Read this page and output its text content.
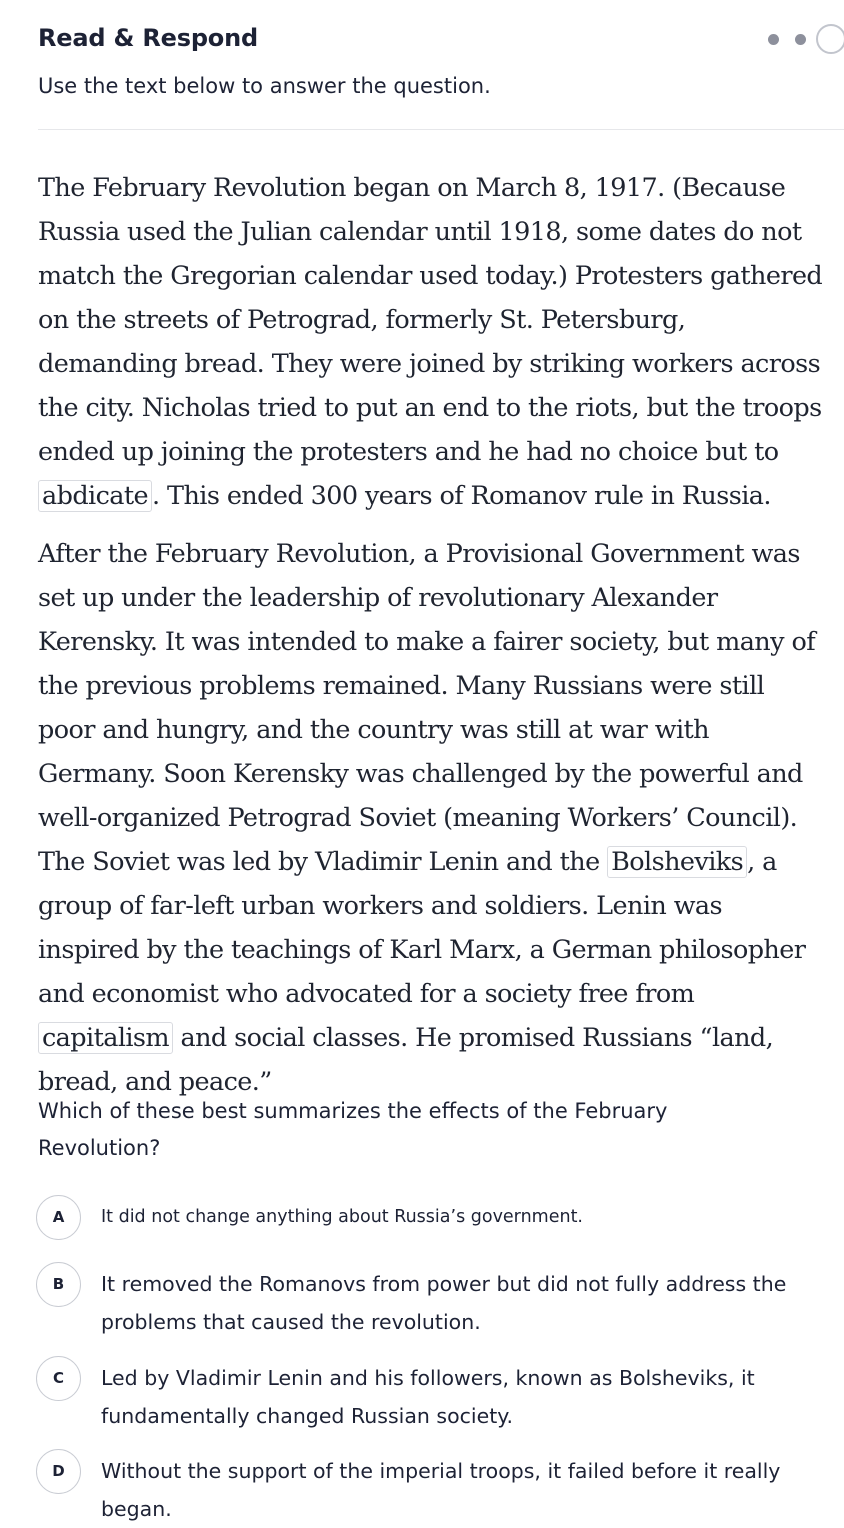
Read & Respond
Use the text below to answer the question.

The February Revolution began on March 8, 1917. (Because Russia used the Julian calendar until 1918, some dates do not match the Gregorian calendar used today.) Protesters gathered on the streets of Petrograd, formerly St. Petersburg, demanding bread. They were joined by striking workers across the city. Nicholas tried to put an end to the riots, but the troops ended up joining the protesters and he had no choice but to abdicate . This ended 300 years of Romanov rule in Russia.

After the February Revolution, a Provisional Government was set up under the leadership of revolutionary Alexander Kerensky. It was intended to make a fairer society, but many of the previous problems remained. Many Russians were still poor and hungry, and the country was still at war with Germany. Soon Kerensky was challenged by the powerful and well-organized Petrograd Soviet (meaning Workers’ Council). The Soviet was led by Vladimir Lenin and the Bolsheviks , a group of far-left urban workers and soldiers. Lenin was inspired by the teachings of Karl Marx, a German philosopher and economist who advocated for a society free from capitalism and social classes. He promised Russians “land, bread, and peace.”

Which of these best summarizes the effects of the February Revolution?
A	It did not change anything about Russia’s government.
B	It removed the Romanovs from power but did not fully address the problems that caused the revolution.
C	Led by Vladimir Lenin and his followers, known as Bolsheviks, it fundamentally changed Russian society.
D	Without the support of the imperial troops, it failed before it really began.
